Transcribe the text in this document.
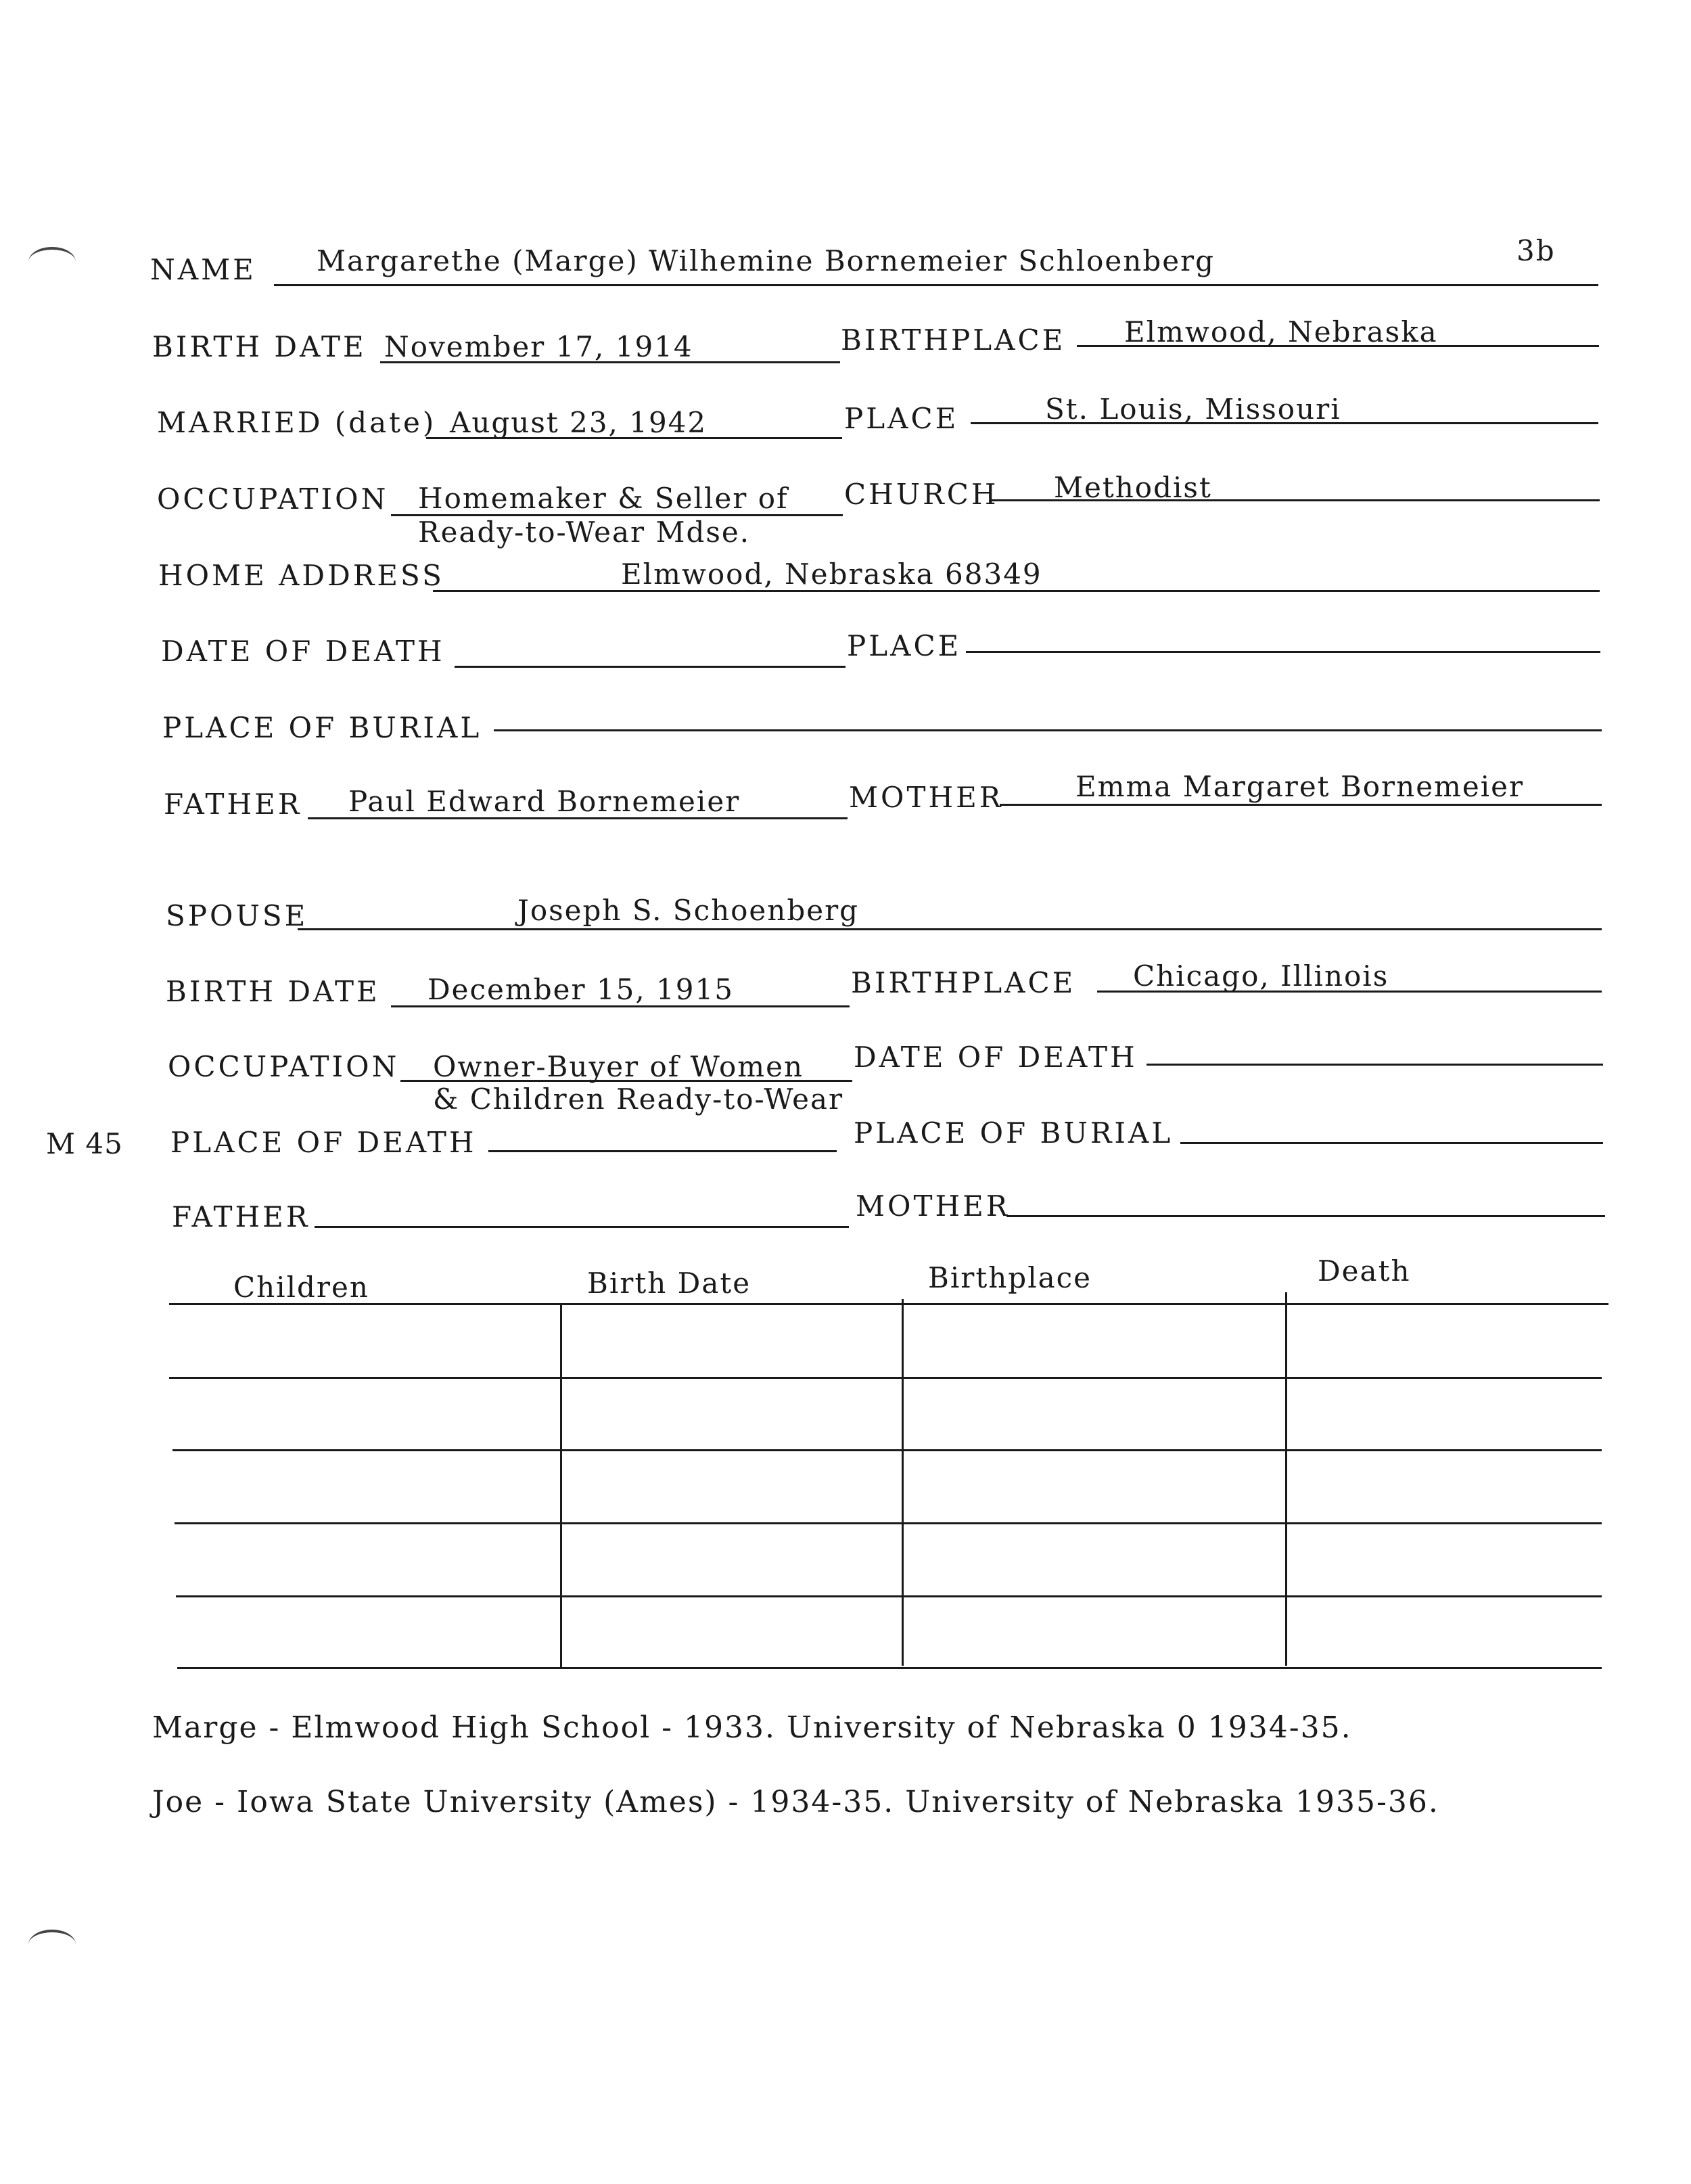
3b
NAME Margarethe (Marge) Wilhemine Bornemeier Schloenberg
BIRTH DATE November 17, 1914	BIRTHPLACE Elmwood, Nebraska
MARRIED (date) August 23, 1942	PLACE	St. Louis, Missouri
OCCUPATION Homemaker & Seller of
Ready-to-Wear Mdse.
CHURCH Methodist
HOME ADDRESS	Elmwood, Nebraska 68349
DATE OF DEATH	PLACE
PLACE OF BURIAL
FATHER Paul Edward Bornemeier	MOTHER	Emma Margaret Bornemeier
SPOUSE	Joseph S. Schoenberg
BIRTH DATE December 15, 1915	BIRTHPLACE Chicago, Illinois
OCCUPATION Owner-Buyer of Women
& Children Ready-to-Wear
DATE OF DEATH
M 45 PLACE OF DEATH	PLACE OF BURIAL
FATHER	MOTHER
Children	Birth Date	Birthplace	Death
Marge - Elmwood High School - 1933. University of Nebraska 0 1934-35.
Joe - Iowa State University (Ames) - 1934-35. University of Nebraska 1935-36.
